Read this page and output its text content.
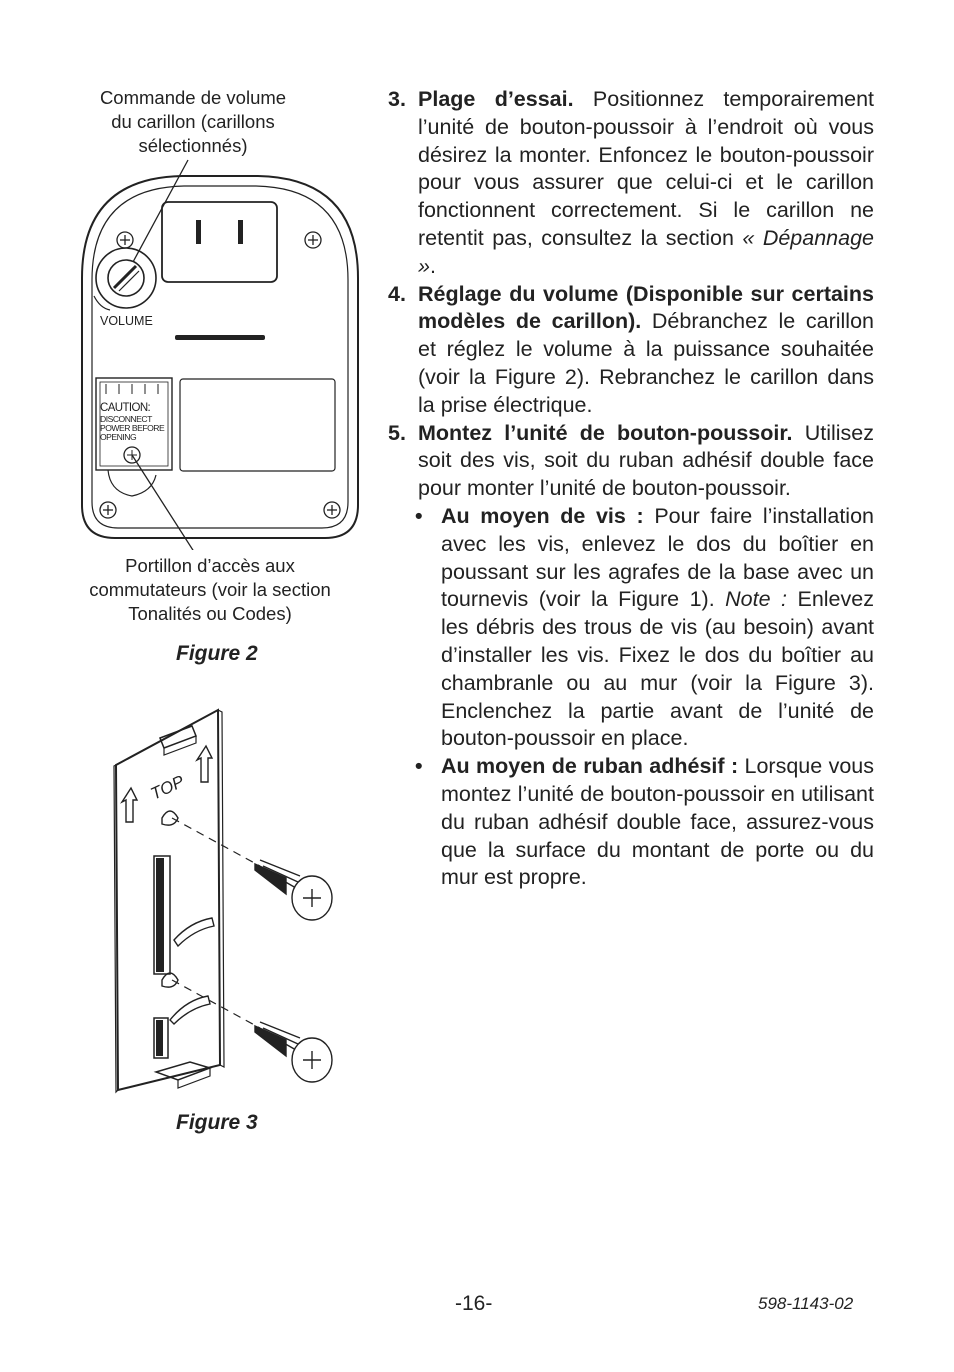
Commande de volume
du carillon (carillons
sélectionnés)
VOLUME
CAUTION:
DISCONNECT
POWER BEFORE
OPENING
Portillon d’accès aux
commutateurs (voir la section
Tonalités ou Codes)
Figure 2
TOP
Figure 3
3. Plage d’essai. Positionnez temporairement l’unité de bouton-poussoir à l’endroit où vous désirez la monter. Enfoncez le bouton-poussoir pour vous assurer que celui-ci et le carillon fonctionnent correctement. Si le carillon ne retentit pas, consultez la section « Dépannage ».
4. Réglage du volume (Disponible sur certains modèles de carillon). Débranchez le carillon et réglez le volume à la puissance souhaitée (voir la Figure 2). Rebranchez le carillon dans la prise électrique.
5. Montez l’unité de bouton-poussoir. Utilisez soit des vis, soit du ruban adhésif double face pour monter l’unité de bouton-poussoir.
• Au moyen de vis : Pour faire l’installation avec les vis, enlevez le dos du boîtier en poussant sur les agrafes de la base avec un tournevis (voir la Figure 1). Note : Enlevez les débris des trous de vis (au besoin) avant d’installer les vis. Fixez le dos du boîtier au chambranle ou au mur (voir la Figure 3). Enclenchez la partie avant de l’unité de bouton-poussoir en place.
• Au moyen de ruban adhésif : Lorsque vous montez l’unité de bouton-poussoir en utilisant du ruban adhésif double face, assurez-vous que la surface du montant de porte ou du mur est propre.
-16-	598-1143-02
